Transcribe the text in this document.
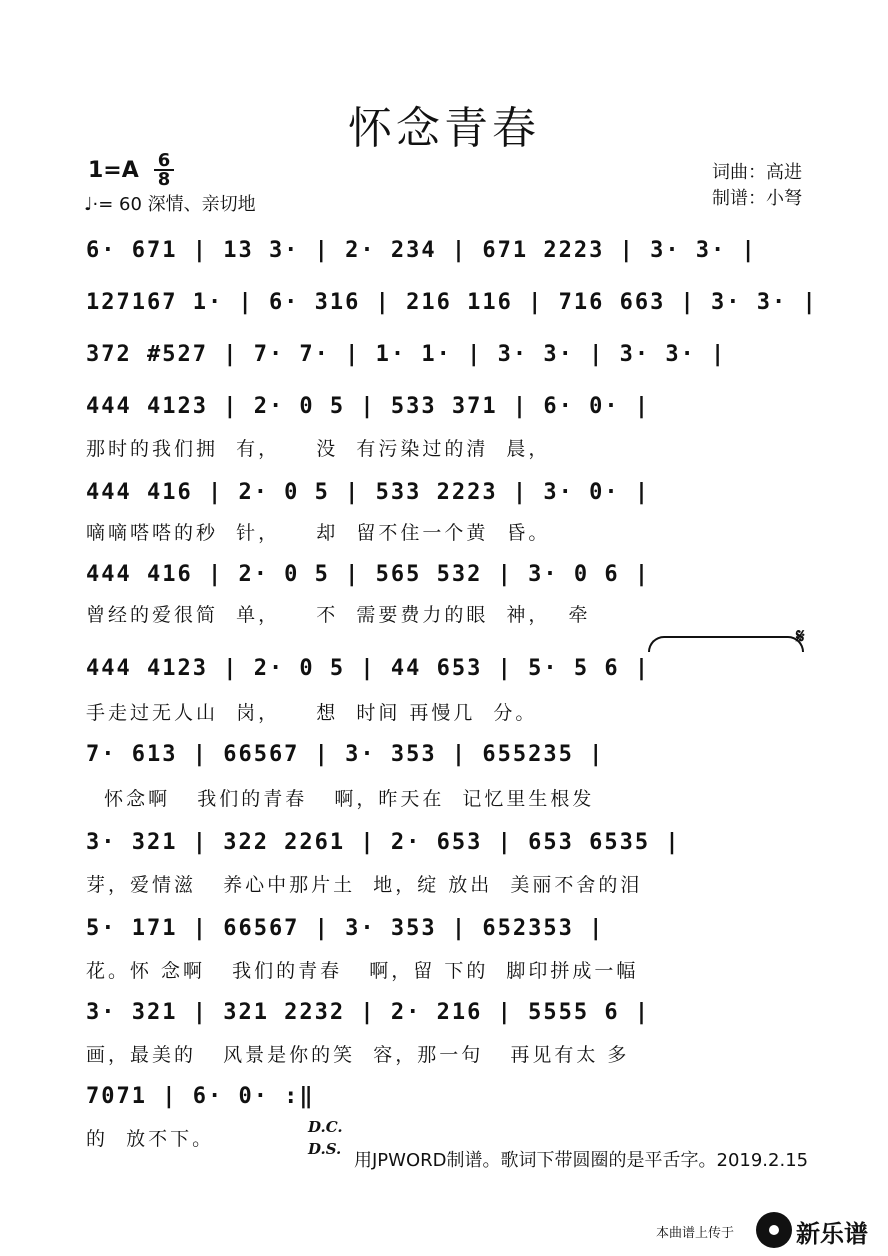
怀念青春
1=A	6
8
♩·= 60 深情、亲切地
词曲：高进
制谱：小弩
6· 671 | 13 3· | 2· 234 | 671 2223 | 3· 3· |
127167 1· | 6· 316 | 216 116 | 716 663 | 3· 3· |
372 #527 | 7· 7· | 1· 1· | 3· 3· | 3· 3· |
444 4123 | 2· 0 5 | 533 371 | 6· 0· |
那时的我们拥  有，    没  有污染过的清  晨，
444 416 | 2· 0 5 | 533 2223 | 3· 0· |
嘀嘀嗒嗒的秒  针，    却  留不住一个黄  昏。
444 416 | 2· 0 5 | 565 532 | 3· 0 6 |
曾经的爱很简  单，    不  需要费力的眼  神，  牵
444 4123 | 2· 0 5 | 44 653 | 5· 5 6 |
手走过无人山  岗，    想  时间 再慢几  分。
7· 613 | 66567 | 3· 353 | 655235 |
怀念啊   我们的青春   啊，昨天在  记忆里生根发
3· 321 | 322 2261 | 2· 653 | 653 6535 |
芽，爱情滋   养心中那片土  地，绽 放出  美丽不舍的泪
5· 171 | 66567 | 3· 353 | 652353 |
花。怀 念啊   我们的青春   啊，留 下的  脚印拼成一幅
3· 321 | 321 2232 | 2· 216 | 5555 6 |
画，最美的   风景是你的笑  容，那一句   再见有太 多
7071 | 6· 0· :‖
的  放不下。
𝄋
D.C.
D.S.
用JPWORD制谱。歌词下带圆圈的是平舌字。2019.2.15
本曲谱上传于	新乐谱
